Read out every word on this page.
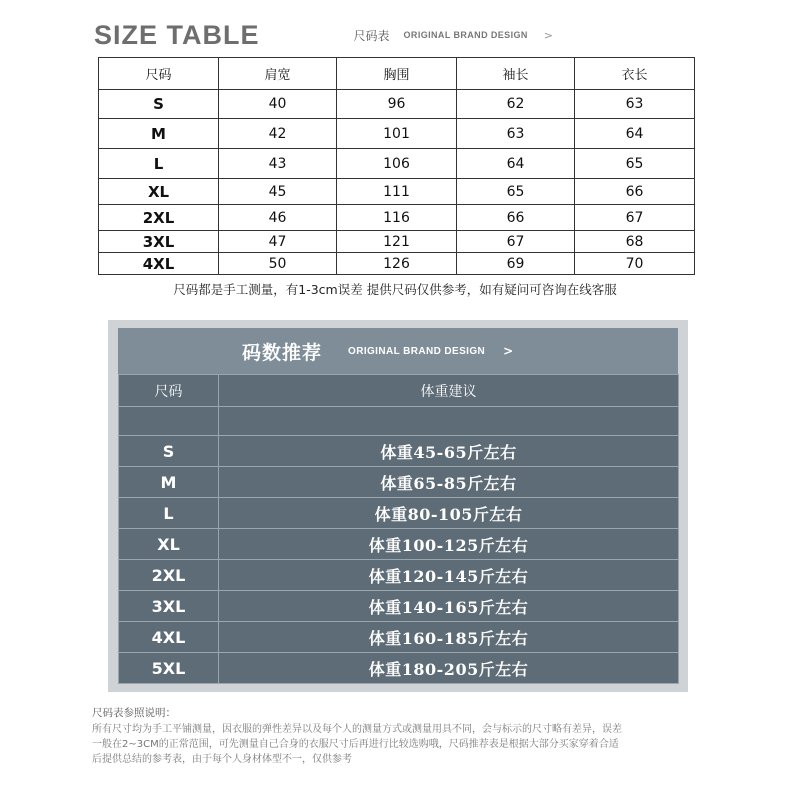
SIZE TABLE	尺码表 ORIGINAL BRAND DESIGN >
尺码	肩宽	胸围	袖长	衣长
S	40	96	62	63
M	42	101	63	64
L	43	106	64	65
XL	45	111	65	66
2XL	46	116	66	67
3XL	47	121	67	68
4XL	50	126	69	70
尺码都是手工测量，有1-3cm误差 提供尺码仅供参考，如有疑问可咨询在线客服
码数推荐	ORIGINAL BRAND DESIGN >
尺码	体重建议

S	体重45-65斤左右
M	体重65-85斤左右
L	体重80-105斤左右
XL	体重100-125斤左右
2XL	体重120-145斤左右
3XL	体重140-165斤左右
4XL	体重160-185斤左右
5XL	体重180-205斤左右
尺码表参照说明：
所有尺寸均为手工平铺测量，因衣服的弹性差异以及每个人的测量方式或测量用具不同，会与标示的尺寸略有差异，误差
一般在2~3CM的正常范围，可先测量自己合身的衣服尺寸后再进行比较选购哦，尺码推荐表是根据大部分买家穿着合适
后提供总结的参考表，由于每个人身材体型不一，仅供参考
